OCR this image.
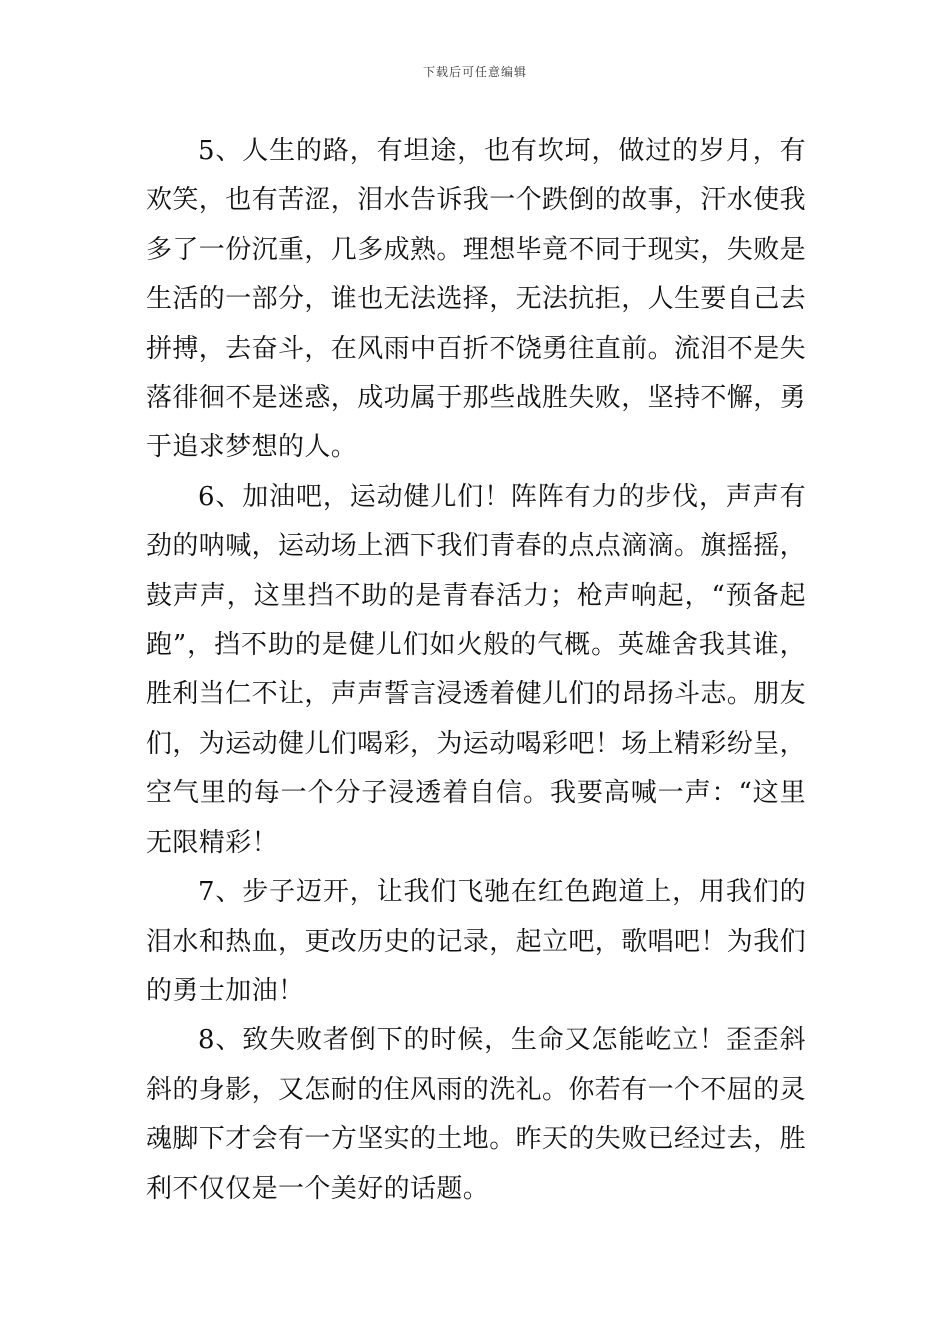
下载后可任意编辑

5、人生的路，有坦途，也有坎坷，做过的岁月，有欢笑，也有苦涩，泪水告诉我一个跌倒的故事，汗水使我多了一份沉重，几多成熟。理想毕竟不同于现实，失败是生活的一部分，谁也无法选择，无法抗拒，人生要自己去拼搏，去奋斗，在风雨中百折不饶勇往直前。流泪不是失落徘徊不是迷惑，成功属于那些战胜失败，坚持不懈，勇于追求梦想的人。

6、加油吧，运动健儿们！阵阵有力的步伐，声声有劲的呐喊，运动场上洒下我们青春的点点滴滴。旗摇摇，鼓声声，这里挡不助的是青春活力；枪声响起，“预备起跑”，挡不助的是健儿们如火般的气概。英雄舍我其谁，胜利当仁不让，声声誓言浸透着健儿们的昂扬斗志。朋友们，为运动健儿们喝彩，为运动喝彩吧！场上精彩纷呈，空气里的每一个分子浸透着自信。我要高喊一声：“这里无限精彩！

7、步子迈开，让我们飞驰在红色跑道上，用我们的泪水和热血，更改历史的记录，起立吧，歌唱吧！为我们的勇士加油！

8、致失败者倒下的时候，生命又怎能屹立！歪歪斜斜的身影，又怎耐的住风雨的洗礼。你若有一个不屈的灵魂脚下才会有一方坚实的土地。昨天的失败已经过去，胜利不仅仅是一个美好的话题。
